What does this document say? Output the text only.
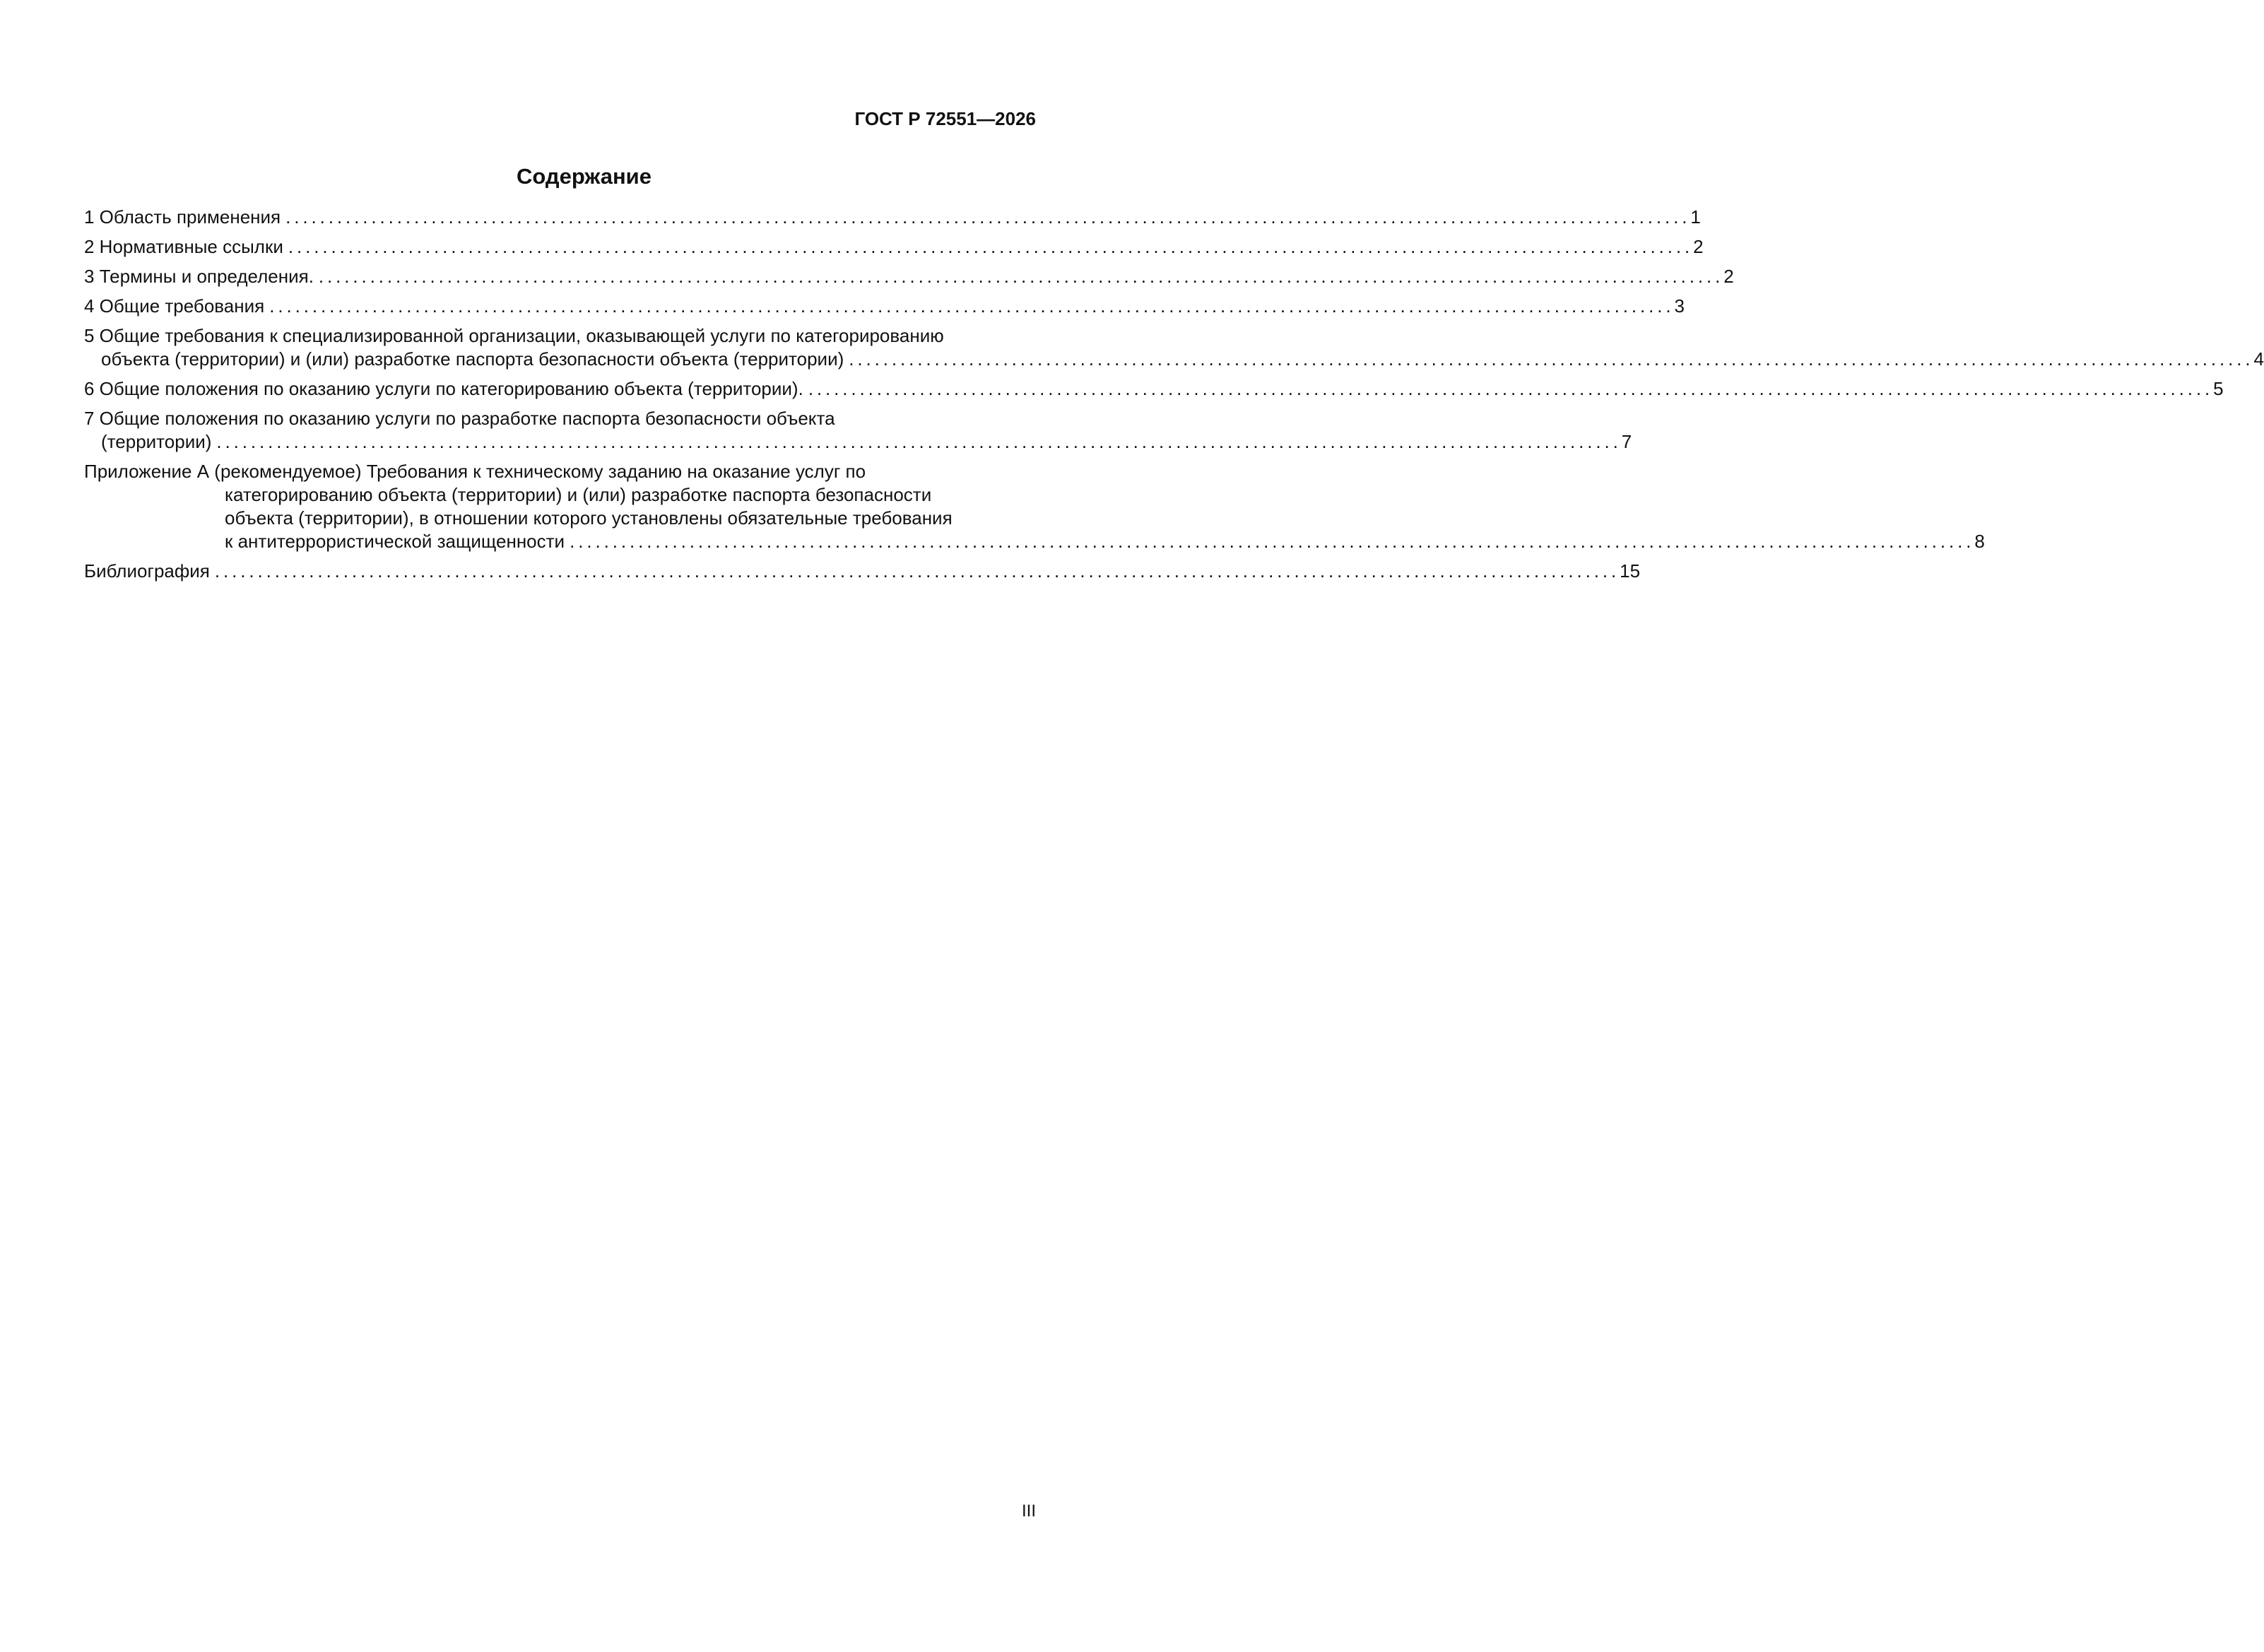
ГОСТ Р 72551—2026
Содержание
1 Область применения .................................................................................................................................................................... 1
2 Нормативные ссылки .................................................................................................................................................................... 2
3 Термины и определения. .................................................................................................................................................................... 2
4 Общие требования .................................................................................................................................................................... 3
5 Общие требования к специализированной организации, оказывающей услуги по категорированию
объекта (территории) и (или) разработке паспорта безопасности объекта (территории) .................................................................................................................................................................... 4
6 Общие положения по оказанию услуги по категорированию объекта (территории). .................................................................................................................................................................... 5
7 Общие положения по оказанию услуги по разработке паспорта безопасности объекта
(территории) .................................................................................................................................................................... 7
Приложение А (рекомендуемое) Требования к техническому заданию на оказание услуг по
категорированию объекта (территории) и (или) разработке паспорта безопасности
объекта (территории), в отношении которого установлены обязательные требования
к антитеррористической защищенности .................................................................................................................................................................... 8
Библиография .................................................................................................................................................................... 15
III
